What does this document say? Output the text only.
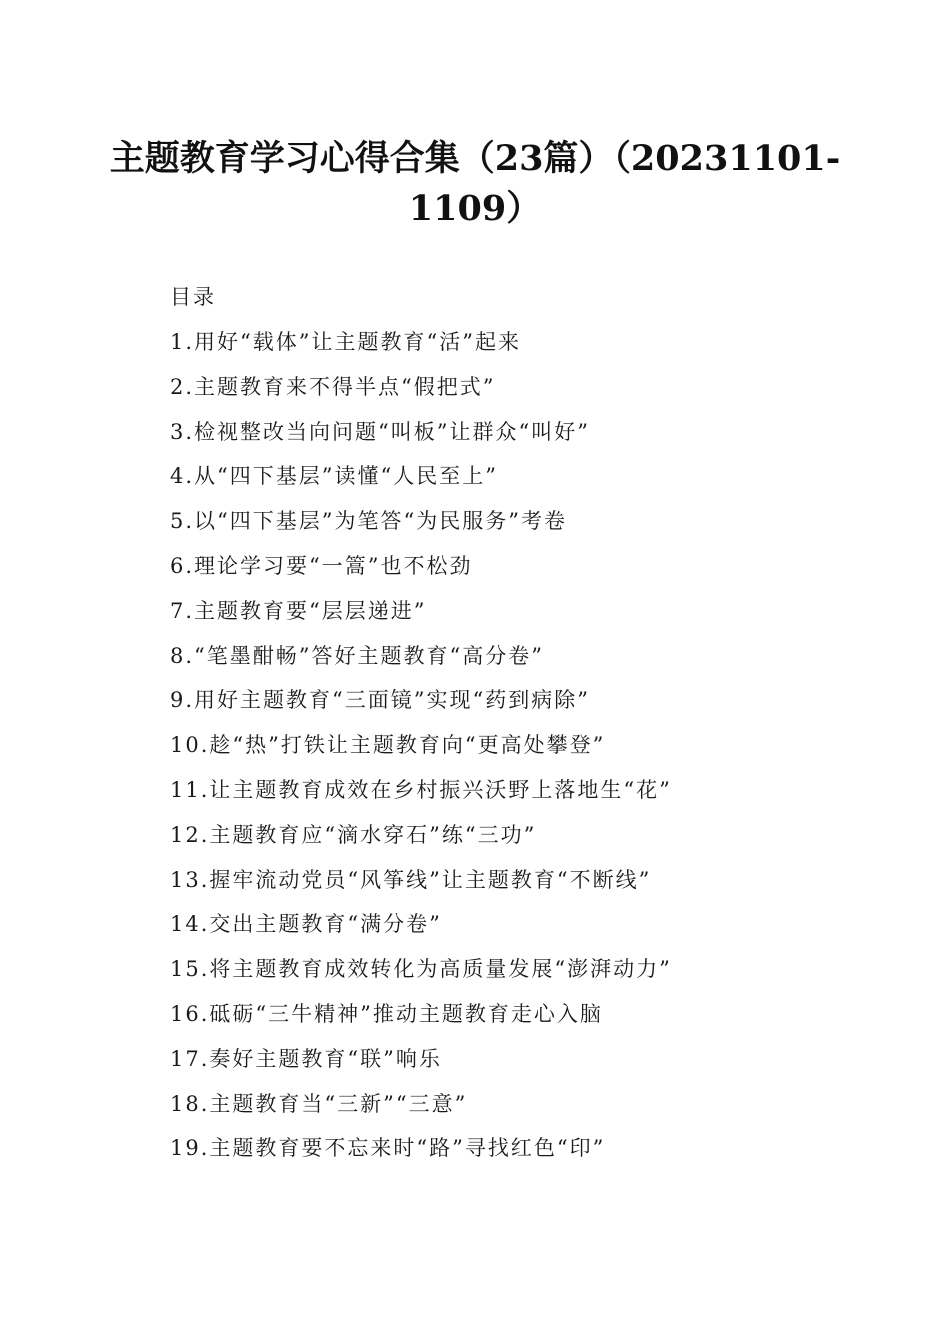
主题教育学习心得合集（23篇）（20231101-1109）
目录
1.用好“载体”让主题教育“活”起来
2.主题教育来不得半点“假把式”
3.检视整改当向问题“叫板”让群众“叫好”
4.从“四下基层”读懂“人民至上”
5.以“四下基层”为笔答“为民服务”考卷
6.理论学习要“一篙”也不松劲
7.主题教育要“层层递进”
8.“笔墨酣畅”答好主题教育“高分卷”
9.用好主题教育“三面镜”实现“药到病除”
10.趁“热”打铁让主题教育向“更高处攀登”
11.让主题教育成效在乡村振兴沃野上落地生“花”
12.主题教育应“滴水穿石”练“三功”
13.握牢流动党员“风筝线”让主题教育“不断线”
14.交出主题教育“满分卷”
15.将主题教育成效转化为高质量发展“澎湃动力”
16.砥砺“三牛精神”推动主题教育走心入脑
17.奏好主题教育“联”响乐
18.主题教育当“三新”“三意”
19.主题教育要不忘来时“路”寻找红色“印”
